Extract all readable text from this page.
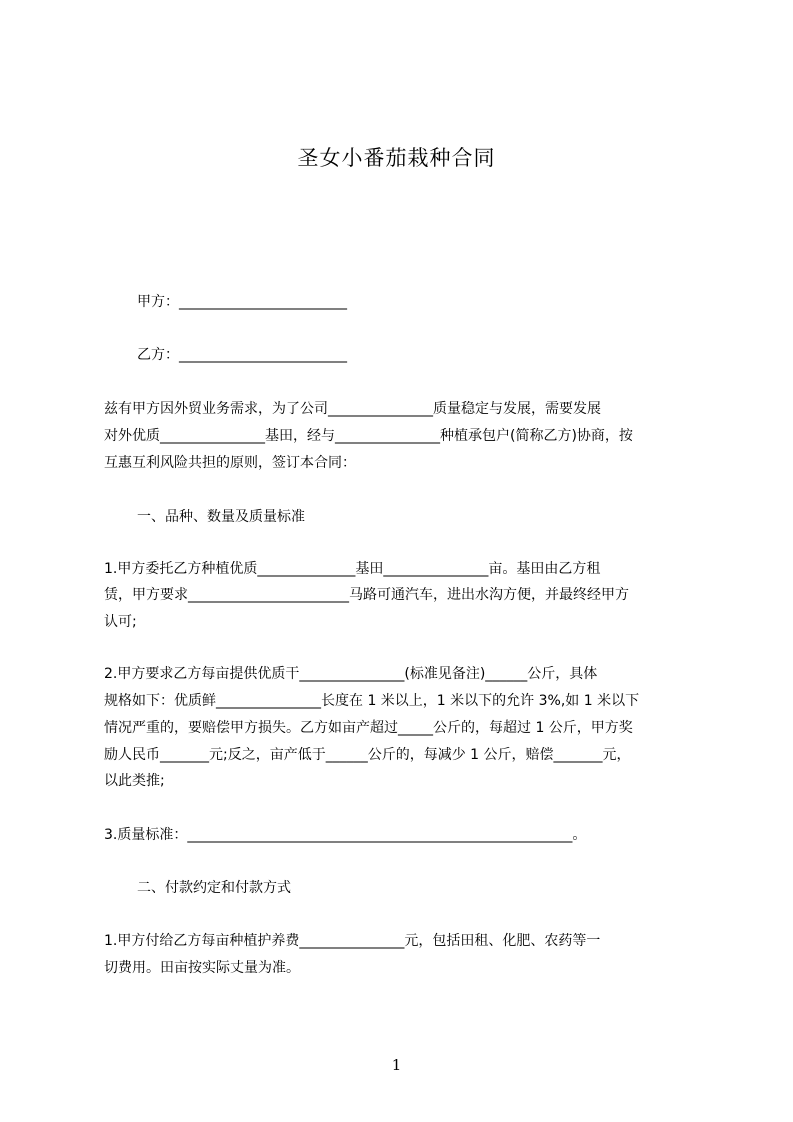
圣女小番茄栽种合同
甲方：________________________
乙方：________________________
兹有甲方因外贸业务需求，为了公司_______________质量稳定与发展，需要发展
对外优质_______________基田，经与_______________种植承包户(简称乙方)协商，按
互惠互利风险共担的原则，签订本合同：
一、品种、数量及质量标准
1.甲方委托乙方种植优质______________基田_______________亩。基田由乙方租
赁，甲方要求_______________________马路可通汽车，进出水沟方便，并最终经甲方
认可;
2.甲方要求乙方每亩提供优质干_______________(标准见备注)______公斤，具体
规格如下：优质鲜_______________长度在 1 米以上，1 米以下的允许 3%,如 1 米以下
情况严重的，要赔偿甲方损失。乙方如亩产超过_____公斤的，每超过 1 公斤，甲方奖
励人民币_______元;反之，亩产低于______公斤的，每减少 1 公斤，赔偿_______元，
以此类推;
3.质量标准：_______________________________________________________。
二、付款约定和付款方式
1.甲方付给乙方每亩种植护养费_______________元，包括田租、化肥、农药等一
切费用。田亩按实际丈量为准。
1
